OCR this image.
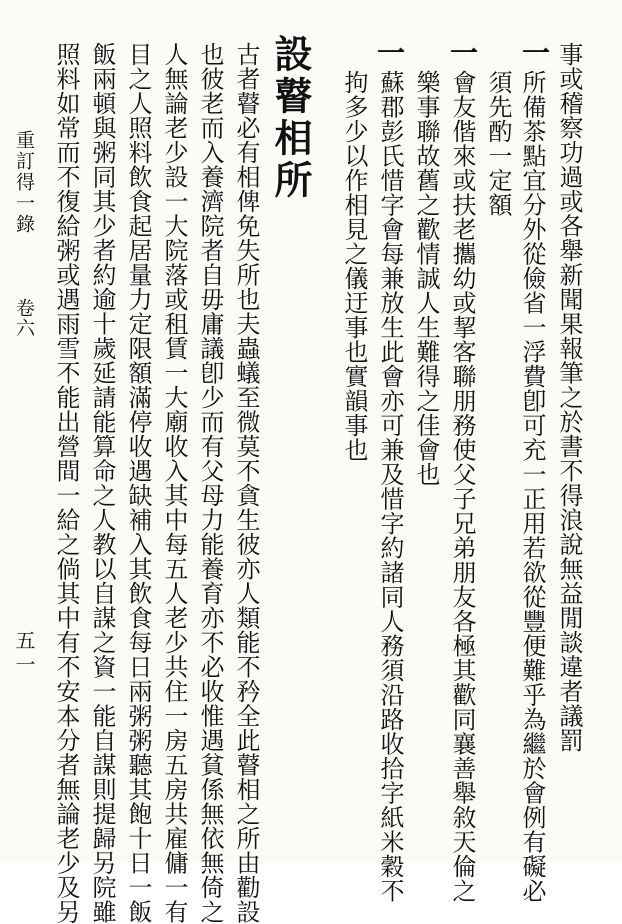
一 事或稽察功過或各舉新聞果報筆之於書不得浪說無益閒談違者議罰
所備茶點宜分外從儉省一浮費卽可充一正用若欲從豐便難乎為繼於會例有礙必
須先酌一定額
一
會友偕來或扶老攜幼或挈客聯朋務使父子兄弟朋友各極其歡同襄善舉敘天倫之
樂事聯故舊之歡情誠人生難得之佳會也
一
蘇郡彭氏惜字會每兼放生此會亦可兼及惜字約諸同人務須沿路收拾字紙米穀不
拘多少以作相見之儀迂事也實韻事也
設瞽相所
古者瞽必有相俾免失所也夫蟲蟻至微莫不貪生彼亦人類能不矜全此瞽相之所由勸設
也彼老而入養濟院者自毋庸議卽少而有父母力能養育亦不必收惟遇貧係無依無倚之
人無論老少設一大院落或租賃一大廟收入其中每五人老少共住一房五房共雇傭一有
目之人照料飲食起居量力定限額滿停收遇缺補入其飲食每日兩粥粥聽其飽十日一飯
飯兩頓與粥同其少者約逾十歲延請能算命之人教以自謀之資一能自謀則提歸另院雖
照料如常而不復給粥或遇雨雪不能出營間一給之倘其中有不安本分者無論老少及另
重訂得一錄
卷六
五一
